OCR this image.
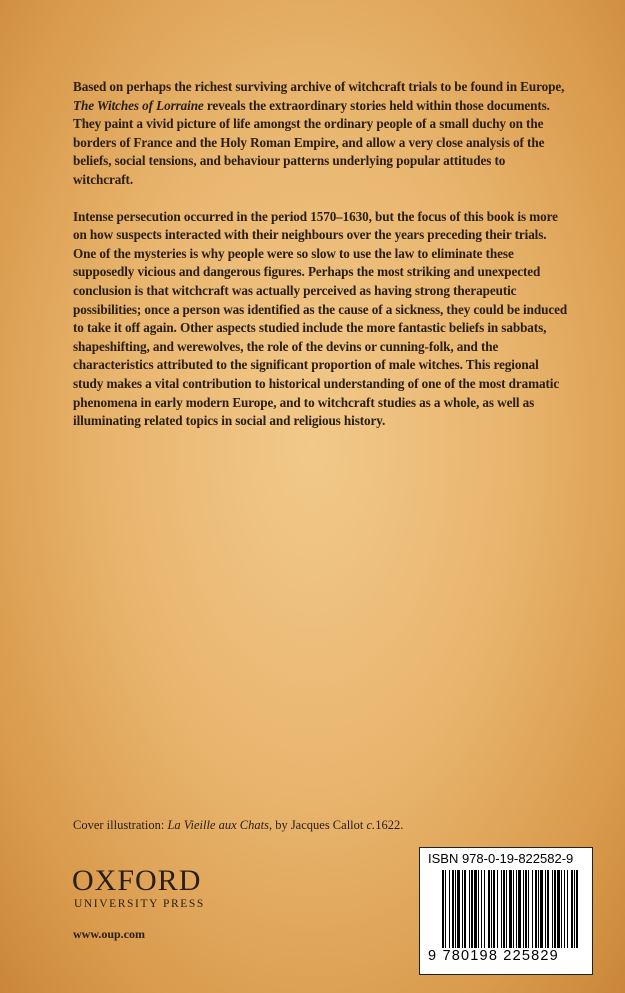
Based on perhaps the richest surviving archive of witchcraft trials to be found in Europe, The Witches of Lorraine reveals the extraordinary stories held within those documents. They paint a vivid picture of life amongst the ordinary people of a small duchy on the borders of France and the Holy Roman Empire, and allow a very close analysis of the beliefs, social tensions, and behaviour patterns underlying popular attitudes to witchcraft.

Intense persecution occurred in the period 1570–1630, but the focus of this book is more on how suspects interacted with their neighbours over the years preceding their trials. One of the mysteries is why people were so slow to use the law to eliminate these supposedly vicious and dangerous figures. Perhaps the most striking and unexpected conclusion is that witchcraft was actually perceived as having strong therapeutic possibilities; once a person was identified as the cause of a sickness, they could be induced to take it off again. Other aspects studied include the more fantastic beliefs in sabbats, shapeshifting, and werewolves, the role of the devins or cunning-folk, and the characteristics attributed to the significant proportion of male witches. This regional study makes a vital contribution to historical understanding of one of the most dramatic phenomena in early modern Europe, and to witchcraft studies as a whole, as well as illuminating related topics in social and religious history.

Cover illustration: La Vieille aux Chats, by Jacques Callot c.1622.
OXFORD
UNIVERSITY PRESS
www.oup.com
ISBN 978-0-19-822582-9
9 780198 225829
